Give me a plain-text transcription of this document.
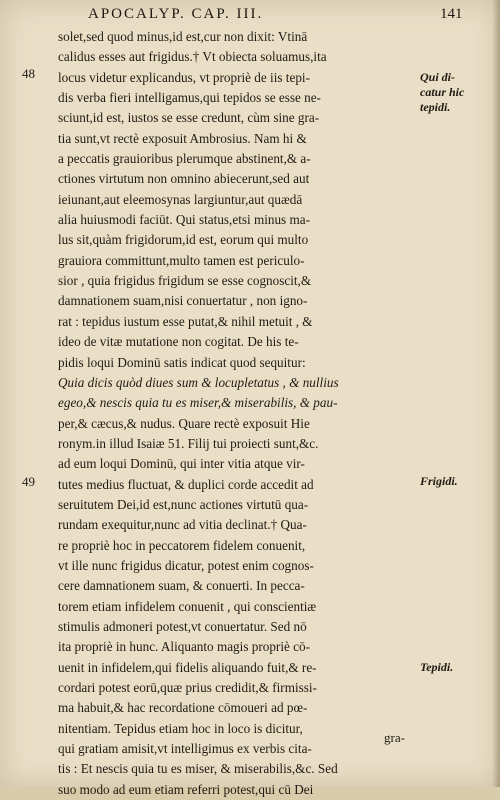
APOCALYP. CAP. III.	141
48
49
Qui di-
catur hic
tepidi.
Frigidi.
Tepidi.
solet,sed quod minus,id est,cur non dixit: Vtinā
calidus esses aut frigidus.† Vt obiecta soluamus,ita
locus videtur explicandus, vt propriè de iis tepi-
dis verba fieri intelligamus,qui tepidos se esse ne-
sciunt,id est, iustos se esse credunt, cùm sine gra-
tia sunt,vt rectè exposuit Ambrosius. Nam hi &
a peccatis grauioribus plerumque abstinent,& a-
ctiones virtutum non omnino abiecerunt,sed aut
ieiunant,aut eleemosynas largiuntur,aut quædā
alia huiusmodi faciūt. Qui status,etsi minus ma-
lus sit,quàm frigidorum,id est, eorum qui multo
grauiora committunt,multo tamen est periculo-
sior , quia frigidus frigidum se esse cognoscit,&
damnationem suam,nisi conuertatur , non igno-
rat : tepidus iustum esse putat,& nihil metuit , &
ideo de vitæ mutatione non cogitat. De his te-
pidis loqui Dominū satis indicat quod sequitur:
Quia dicis quòd diues sum & locupletatus , & nullius
egeo,& nescis quia tu es miser,& miserabilis, & pau-
per,& cæcus,& nudus. Quare rectè exposuit Hie
ronym.in illud Isaiæ 51. Filij tui proiecti sunt,&c.
ad eum loqui Dominū, qui inter vitia atque vir-
tutes medius fluctuat, & duplici corde accedit ad
seruitutem Dei,id est,nunc actiones virtutū qua-
rundam exequitur,nunc ad vitia declinat.† Qua-
re propriè hoc in peccatorem fidelem conuenit,
vt ille nunc frigidus dicatur, potest enim cognos-
cere damnationem suam, & conuerti. In pecca-
torem etiam infidelem conuenit , qui conscientiæ
stimulis admoneri potest,vt conuertatur. Sed nō
ita propriè in hunc. Aliquanto magis propriè cō-
uenit in infidelem,qui fidelis aliquando fuit,& re-
cordari potest eorū,quæ prius credidit,& firmissi-
ma habuit,& hac recordatione cōmoueri ad pœ-
nitentiam. Tepidus etiam hoc in loco is dicitur,
qui gratiam amisit,vt intelligimus ex verbis cita-
tis : Et nescis quia tu es miser, & miserabilis,&c. Sed
suo modo ad eum etiam referri potest,qui cū Dei
gra-
